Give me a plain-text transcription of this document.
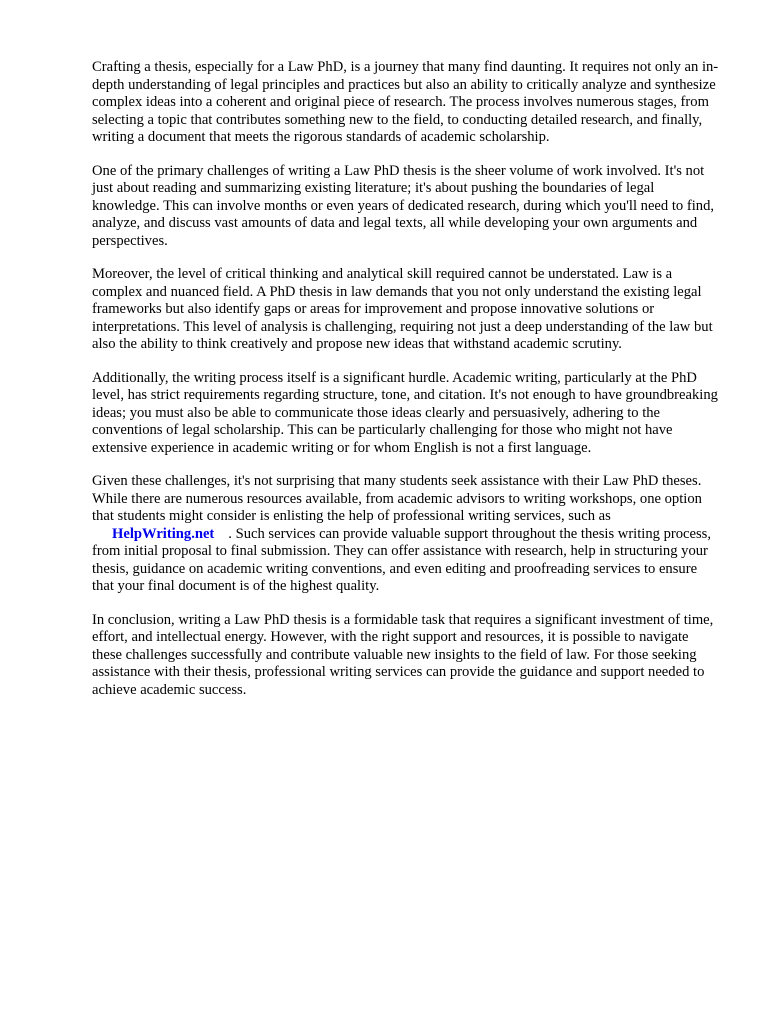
Crafting a thesis, especially for a Law PhD, is a journey that many find daunting. It requires not only an in-depth understanding of legal principles and practices but also an ability to critically analyze and synthesize complex ideas into a coherent and original piece of research. The process involves numerous stages, from selecting a topic that contributes something new to the field, to conducting detailed research, and finally, writing a document that meets the rigorous standards of academic scholarship.

One of the primary challenges of writing a Law PhD thesis is the sheer volume of work involved. It's not just about reading and summarizing existing literature; it's about pushing the boundaries of legal knowledge. This can involve months or even years of dedicated research, during which you'll need to find, analyze, and discuss vast amounts of data and legal texts, all while developing your own arguments and perspectives.

Moreover, the level of critical thinking and analytical skill required cannot be understated. Law is a complex and nuanced field. A PhD thesis in law demands that you not only understand the existing legal frameworks but also identify gaps or areas for improvement and propose innovative solutions or interpretations. This level of analysis is challenging, requiring not just a deep understanding of the law but also the ability to think creatively and propose new ideas that withstand academic scrutiny.

Additionally, the writing process itself is a significant hurdle. Academic writing, particularly at the PhD level, has strict requirements regarding structure, tone, and citation. It's not enough to have groundbreaking ideas; you must also be able to communicate those ideas clearly and persuasively, adhering to the conventions of legal scholarship. This can be particularly challenging for those who might not have extensive experience in academic writing or for whom English is not a first language.

Given these challenges, it's not surprising that many students seek assistance with their Law PhD theses. While there are numerous resources available, from academic advisors to writing workshops, one option that students might consider is enlisting the help of professional writing services, such as HelpWriting.net . Such services can provide valuable support throughout the thesis writing process, from initial proposal to final submission. They can offer assistance with research, help in structuring your thesis, guidance on academic writing conventions, and even editing and proofreading services to ensure that your final document is of the highest quality.

In conclusion, writing a Law PhD thesis is a formidable task that requires a significant investment of time, effort, and intellectual energy. However, with the right support and resources, it is possible to navigate these challenges successfully and contribute valuable new insights to the field of law. For those seeking assistance with their thesis, professional writing services can provide the guidance and support needed to achieve academic success.
